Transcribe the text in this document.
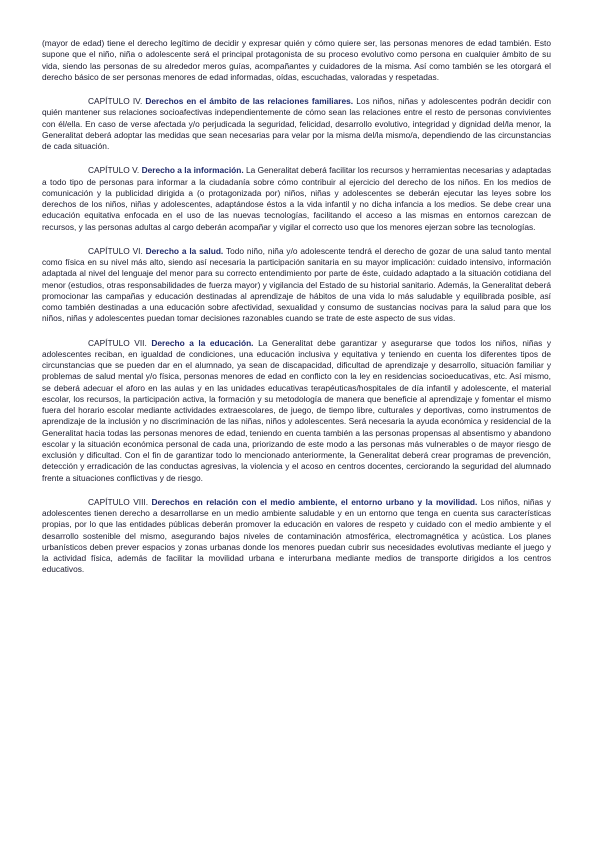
(mayor de edad) tiene el derecho legítimo de decidir y expresar quién y cómo quiere ser, las personas menores de edad también. Esto supone que el niño, niña o adolescente será el principal protagonista de su proceso evolutivo como persona en cualquier ámbito de su vida, siendo las personas de su alrededor meros guías, acompañantes y cuidadores de la misma. Así como también se les otorgará el derecho básico de ser personas menores de edad informadas, oídas, escuchadas, valoradas y respetadas.

CAPÍTULO IV. Derechos en el ámbito de las relaciones familiares. Los niños, niñas y adolescentes podrán decidir con quién mantener sus relaciones socioafectivas independientemente de cómo sean las relaciones entre el resto de personas convivientes con él/ella. En caso de verse afectada y/o perjudicada la seguridad, felicidad, desarrollo evolutivo, integridad y dignidad del/la menor, la Generalitat deberá adoptar las medidas que sean necesarias para velar por la misma del/la mismo/a, dependiendo de las circunstancias de cada situación.

CAPÍTULO V. Derecho a la información. La Generalitat deberá facilitar los recursos y herramientas necesarias y adaptadas a todo tipo de personas para informar a la ciudadanía sobre cómo contribuir al ejercicio del derecho de los niños. En los medios de comunicación y la publicidad dirigida a (o protagonizada por) niños, niñas y adolescentes se deberán ejecutar las leyes sobre los derechos de los niños, niñas y adolescentes, adaptándose éstos a la vida infantil y no dicha infancia a los medios. Se debe crear una educación equitativa enfocada en el uso de las nuevas tecnologías, facilitando el acceso a las mismas en entornos carezcan de recursos, y las personas adultas al cargo deberán acompañar y vigilar el correcto uso que los menores ejerzan sobre las tecnologías.

CAPÍTULO VI. Derecho a la salud. Todo niño, niña y/o adolescente tendrá el derecho de gozar de una salud tanto mental como física en su nivel más alto, siendo así necesaria la participación sanitaria en su mayor implicación: cuidado intensivo, información adaptada al nivel del lenguaje del menor para su correcto entendimiento por parte de éste, cuidado adaptado a la situación cotidiana del menor (estudios, otras responsabilidades de fuerza mayor) y vigilancia del Estado de su historial sanitario. Además, la Generalitat deberá promocionar las campañas y educación destinadas al aprendizaje de hábitos de una vida lo más saludable y equilibrada posible, así como también destinadas a una educación sobre afectividad, sexualidad y consumo de sustancias nocivas para la salud para que los niños, niñas y adolescentes puedan tomar decisiones razonables cuando se trate de este aspecto de sus vidas.

CAPÍTULO VII. Derecho a la educación. La Generalitat debe garantizar y asegurarse que todos los niños, niñas y adolescentes reciban, en igualdad de condiciones, una educación inclusiva y equitativa y teniendo en cuenta los diferentes tipos de circunstancias que se pueden dar en el alumnado, ya sean de discapacidad, dificultad de aprendizaje y desarrollo, situación familiar y problemas de salud mental y/o física, personas menores de edad en conflicto con la ley en residencias socioeducativas, etc. Así mismo, se deberá adecuar el aforo en las aulas y en las unidades educativas terapéuticas/hospitales de día infantil y adolescente, el material escolar, los recursos, la participación activa, la formación y su metodología de manera que beneficie al aprendizaje y fomentar el mismo fuera del horario escolar mediante actividades extraescolares, de juego, de tiempo libre, culturales y deportivas, como instrumentos de aprendizaje de la inclusión y no discriminación de las niñas, niños y adolescentes. Será necesaria la ayuda económica y residencial de la Generalitat hacia todas las personas menores de edad, teniendo en cuenta también a las personas propensas al absentismo y abandono escolar y la situación económica personal de cada una, priorizando de este modo a las personas más vulnerables o de mayor riesgo de exclusión y dificultad. Con el fin de garantizar todo lo mencionado anteriormente, la Generalitat deberá crear programas de prevención, detección y erradicación de las conductas agresivas, la violencia y el acoso en centros docentes, cerciorando la seguridad del alumnado frente a situaciones conflictivas y de riesgo.

CAPÍTULO VIII. Derechos en relación con el medio ambiente, el entorno urbano y la movilidad. Los niños, niñas y adolescentes tienen derecho a desarrollarse en un medio ambiente saludable y en un entorno que tenga en cuenta sus características propias, por lo que las entidades públicas deberán promover la educación en valores de respeto y cuidado con el medio ambiente y el desarrollo sostenible del mismo, asegurando bajos niveles de contaminación atmosférica, electromagnética y acústica. Los planes urbanísticos deben prever espacios y zonas urbanas donde los menores puedan cubrir sus necesidades evolutivas mediante el juego y la actividad física, además de facilitar la movilidad urbana e interurbana mediante medios de transporte dirigidos a los centros educativos.
